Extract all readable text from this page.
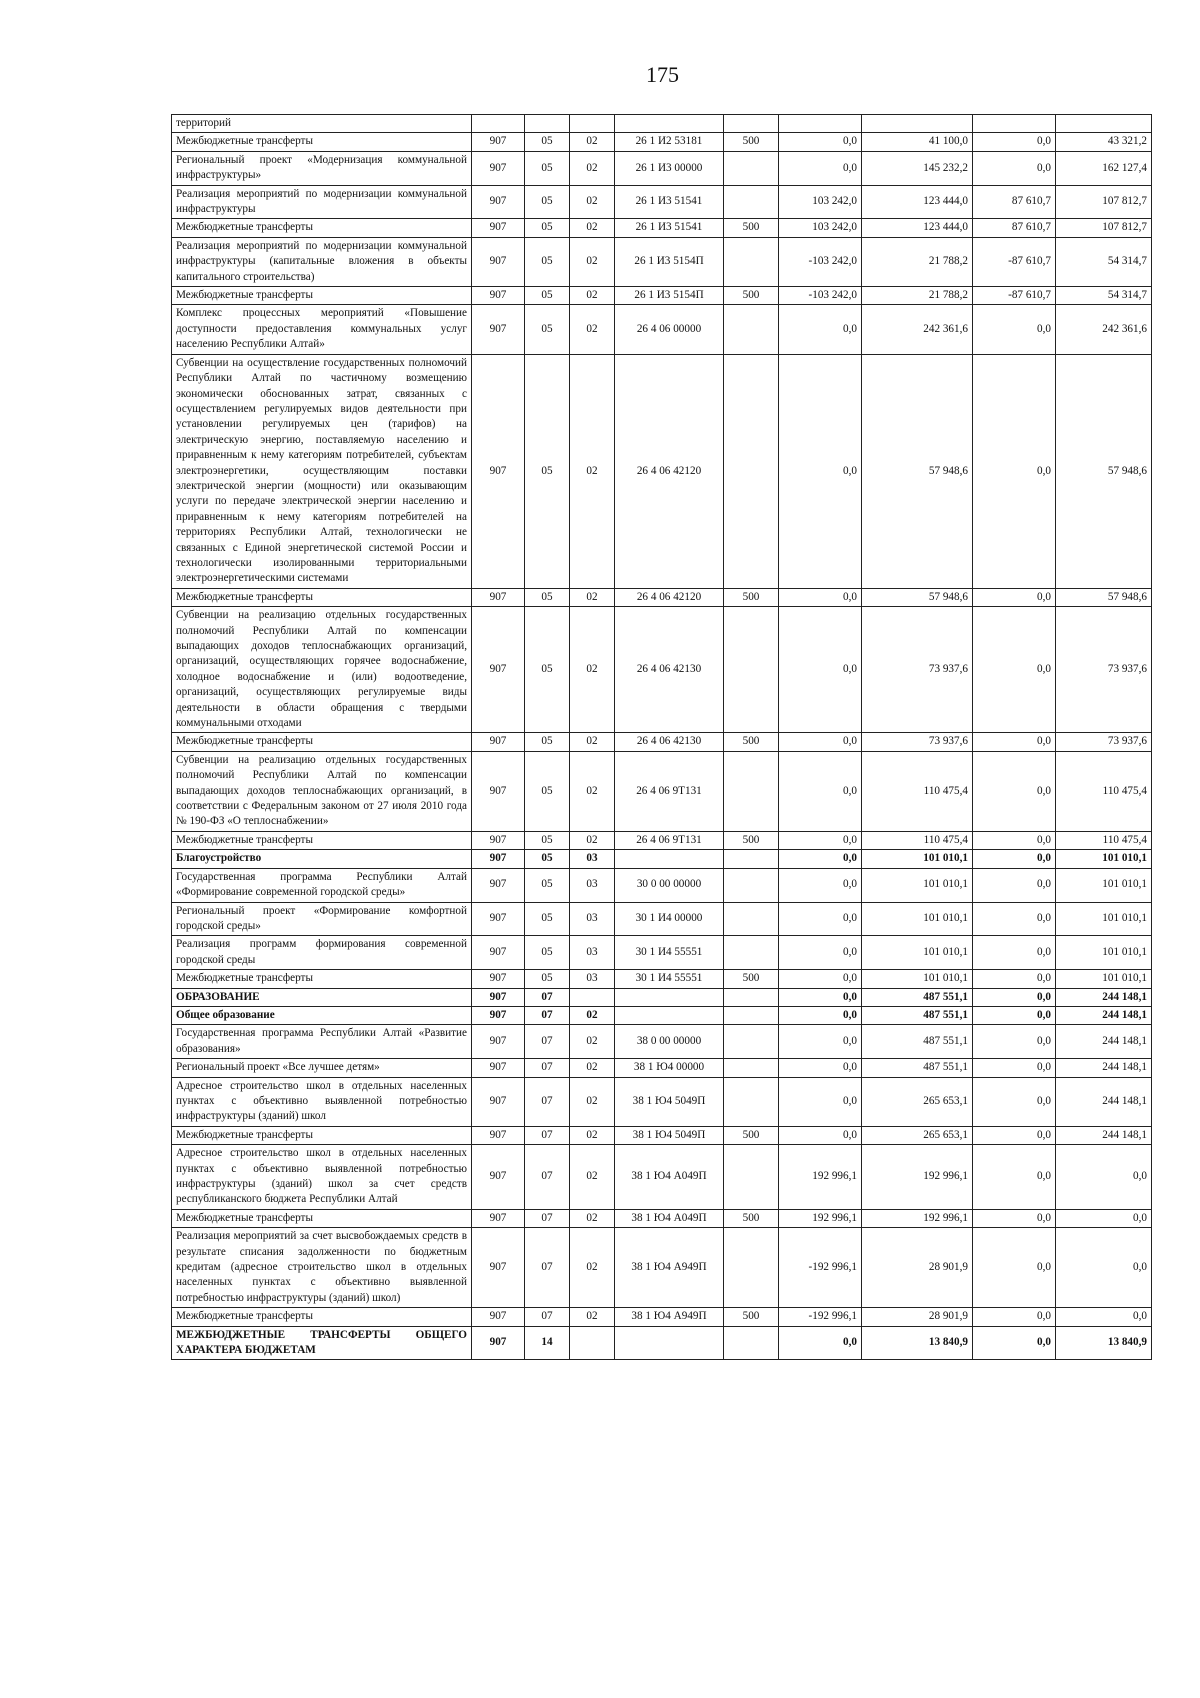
175
территорий									
Межбюджетные трансферты	907	05	02	26 1 И2 53181	500	0,0	41 100,0	0,0	43 321,2
Региональный проект «Модернизация коммунальной инфраструктуры»	907	05	02	26 1 И3 00000		0,0	145 232,2	0,0	162 127,4
Реализация мероприятий по модернизации коммунальной инфраструктуры	907	05	02	26 1 И3 51541		103 242,0	123 444,0	87 610,7	107 812,7
Межбюджетные трансферты	907	05	02	26 1 И3 51541	500	103 242,0	123 444,0	87 610,7	107 812,7
Реализация мероприятий по модернизации коммунальной инфраструктуры (капитальные вложения в объекты капитального строительства)	907	05	02	26 1 И3 5154П		-103 242,0	21 788,2	-87 610,7	54 314,7
Межбюджетные трансферты	907	05	02	26 1 И3 5154П	500	-103 242,0	21 788,2	-87 610,7	54 314,7
Комплекс процессных мероприятий «Повышение доступности предоставления коммунальных услуг населению Республики Алтай»	907	05	02	26 4 06 00000		0,0	242 361,6	0,0	242 361,6
Субвенции на осуществление государственных полномочий Республики Алтай по частичному возмещению экономически обоснованных затрат, связанных с осуществлением регулируемых видов деятельности при установлении регулируемых цен (тарифов) на электрическую энергию, поставляемую населению и приравненным к нему категориям потребителей, субъектам электроэнергетики, осуществляющим поставки электрической энергии (мощности) или оказывающим услуги по передаче электрической энергии населению и приравненным к нему категориям потребителей на территориях Республики Алтай, технологически не связанных с Единой энергетической системой России и технологически изолированными территориальными электроэнергетическими системами	907	05	02	26 4 06 42120		0,0	57 948,6	0,0	57 948,6
Межбюджетные трансферты	907	05	02	26 4 06 42120	500	0,0	57 948,6	0,0	57 948,6
Субвенции на реализацию отдельных государственных полномочий Республики Алтай по компенсации выпадающих доходов теплоснабжающих организаций, организаций, осуществляющих горячее водоснабжение, холодное водоснабжение и (или) водоотведение, организаций, осуществляющих регулируемые виды деятельности в области обращения с твердыми коммунальными отходами	907	05	02	26 4 06 42130		0,0	73 937,6	0,0	73 937,6
Межбюджетные трансферты	907	05	02	26 4 06 42130	500	0,0	73 937,6	0,0	73 937,6
Субвенции на реализацию отдельных государственных полномочий Республики Алтай по компенсации выпадающих доходов теплоснабжающих организаций, в соответствии с Федеральным законом от 27 июля 2010 года № 190-ФЗ «О теплоснабжении»	907	05	02	26 4 06 9Т131		0,0	110 475,4	0,0	110 475,4
Межбюджетные трансферты	907	05	02	26 4 06 9Т131	500	0,0	110 475,4	0,0	110 475,4
Благоустройство	907	05	03			0,0	101 010,1	0,0	101 010,1
Государственная программа Республики Алтай «Формирование современной городской среды»	907	05	03	30 0 00 00000		0,0	101 010,1	0,0	101 010,1
Региональный проект «Формирование комфортной городской среды»	907	05	03	30 1 И4 00000		0,0	101 010,1	0,0	101 010,1
Реализация программ формирования современной городской среды	907	05	03	30 1 И4 55551		0,0	101 010,1	0,0	101 010,1
Межбюджетные трансферты	907	05	03	30 1 И4 55551	500	0,0	101 010,1	0,0	101 010,1
ОБРАЗОВАНИЕ	907	07				0,0	487 551,1	0,0	244 148,1
Общее образование	907	07	02			0,0	487 551,1	0,0	244 148,1
Государственная программа Республики Алтай «Развитие образования»	907	07	02	38 0 00 00000		0,0	487 551,1	0,0	244 148,1
Региональный проект «Все лучшее детям»	907	07	02	38 1 Ю4 00000		0,0	487 551,1	0,0	244 148,1
Адресное строительство школ в отдельных населенных пунктах с объективно выявленной потребностью инфраструктуры (зданий) школ	907	07	02	38 1 Ю4 5049П		0,0	265 653,1	0,0	244 148,1
Межбюджетные трансферты	907	07	02	38 1 Ю4 5049П	500	0,0	265 653,1	0,0	244 148,1
Адресное строительство школ в отдельных населенных пунктах с объективно выявленной потребностью инфраструктуры (зданий) школ за счет средств республиканского бюджета Республики Алтай	907	07	02	38 1 Ю4 А049П		192 996,1	192 996,1	0,0	0,0
Межбюджетные трансферты	907	07	02	38 1 Ю4 А049П	500	192 996,1	192 996,1	0,0	0,0
Реализация мероприятий за счет высвобождаемых средств в результате списания задолженности по бюджетным кредитам (адресное строительство школ в отдельных населенных пунктах с объективно выявленной потребностью инфраструктуры (зданий) школ)	907	07	02	38 1 Ю4 А949П		-192 996,1	28 901,9	0,0	0,0
Межбюджетные трансферты	907	07	02	38 1 Ю4 А949П	500	-192 996,1	28 901,9	0,0	0,0
МЕЖБЮДЖЕТНЫЕ ТРАНСФЕРТЫ ОБЩЕГО ХАРАКТЕРА БЮДЖЕТАМ	907	14				0,0	13 840,9	0,0	13 840,9
